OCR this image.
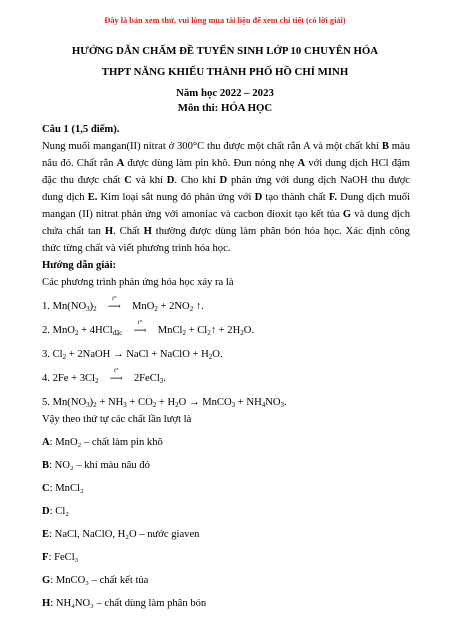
Đây là bản xem thử, vui lòng mua tài liệu để xem chi tiết (có lời giải)
HƯỚNG DẪN CHẤM ĐỀ TUYỂN SINH LỚP 10 CHUYÊN HÓA
THPT NĂNG KHIẾU THÀNH PHỐ HỒ CHÍ MINH
Năm học 2022 – 2023
Môn thi: HÓA HỌC

Câu 1 (1,5 điểm).

Nung muối mangan(II) nitrat ở 300°C thu được một chất rắn A và một chất khí B màu nâu đỏ. Chất rắn A được dùng làm pin khô. Đun nóng nhẹ A với dung dịch HCl đậm đặc thu được chất C và khí D. Cho khí D phản ứng với dung dịch NaOH thu được dung dịch E. Kim loại sắt nung đỏ phản ứng với D tạo thành chất F. Dung dịch muối mangan (II) nitrat phản ứng với amoniac và cacbon đioxit tạo kết tủa G và dung dịch chứa chất tan H. Chất H thường được dùng làm phân bón hóa học. Xác định công thức từng chất và viết phương trình hóa học.

Hướng dẫn giải:

Các phương trình phản ứng hóa học xảy ra là

1. $Mn(NO_3)_2$
t°
⟶ $MnO_2 + 2NO_2$ ↑.

2. MnO$_2$ + 4HCl$_{đặc}$
t°
⟶ MnCl$_2$ + $Cl_2↑ + 2H_2O$.

3. $Cl_2$ + 2NaOH → NaCl + NaClO + $H_2O$.

4. $2Fe + 3Cl_2$
t°
⟶ 2FeCl$_3$.

5. $Mn(NO_3)_2 + NH_3 + CO_2 + H_2O$ → MnCO$_3$ + $NH_4NO_3$.

Vậy theo thứ tự các chất lần lượt là

A: MnO₂ – chất làm pin khô

B: NO₂ – khí màu nâu đỏ

C: MnCl₂

D: Cl₂

E: NaCl, NaClO, H₂O – nước giaven

F: FeCl₃

G: MnCO₃ – chất kết tủa

H: NH₄NO₃ – chất dùng làm phân bón
